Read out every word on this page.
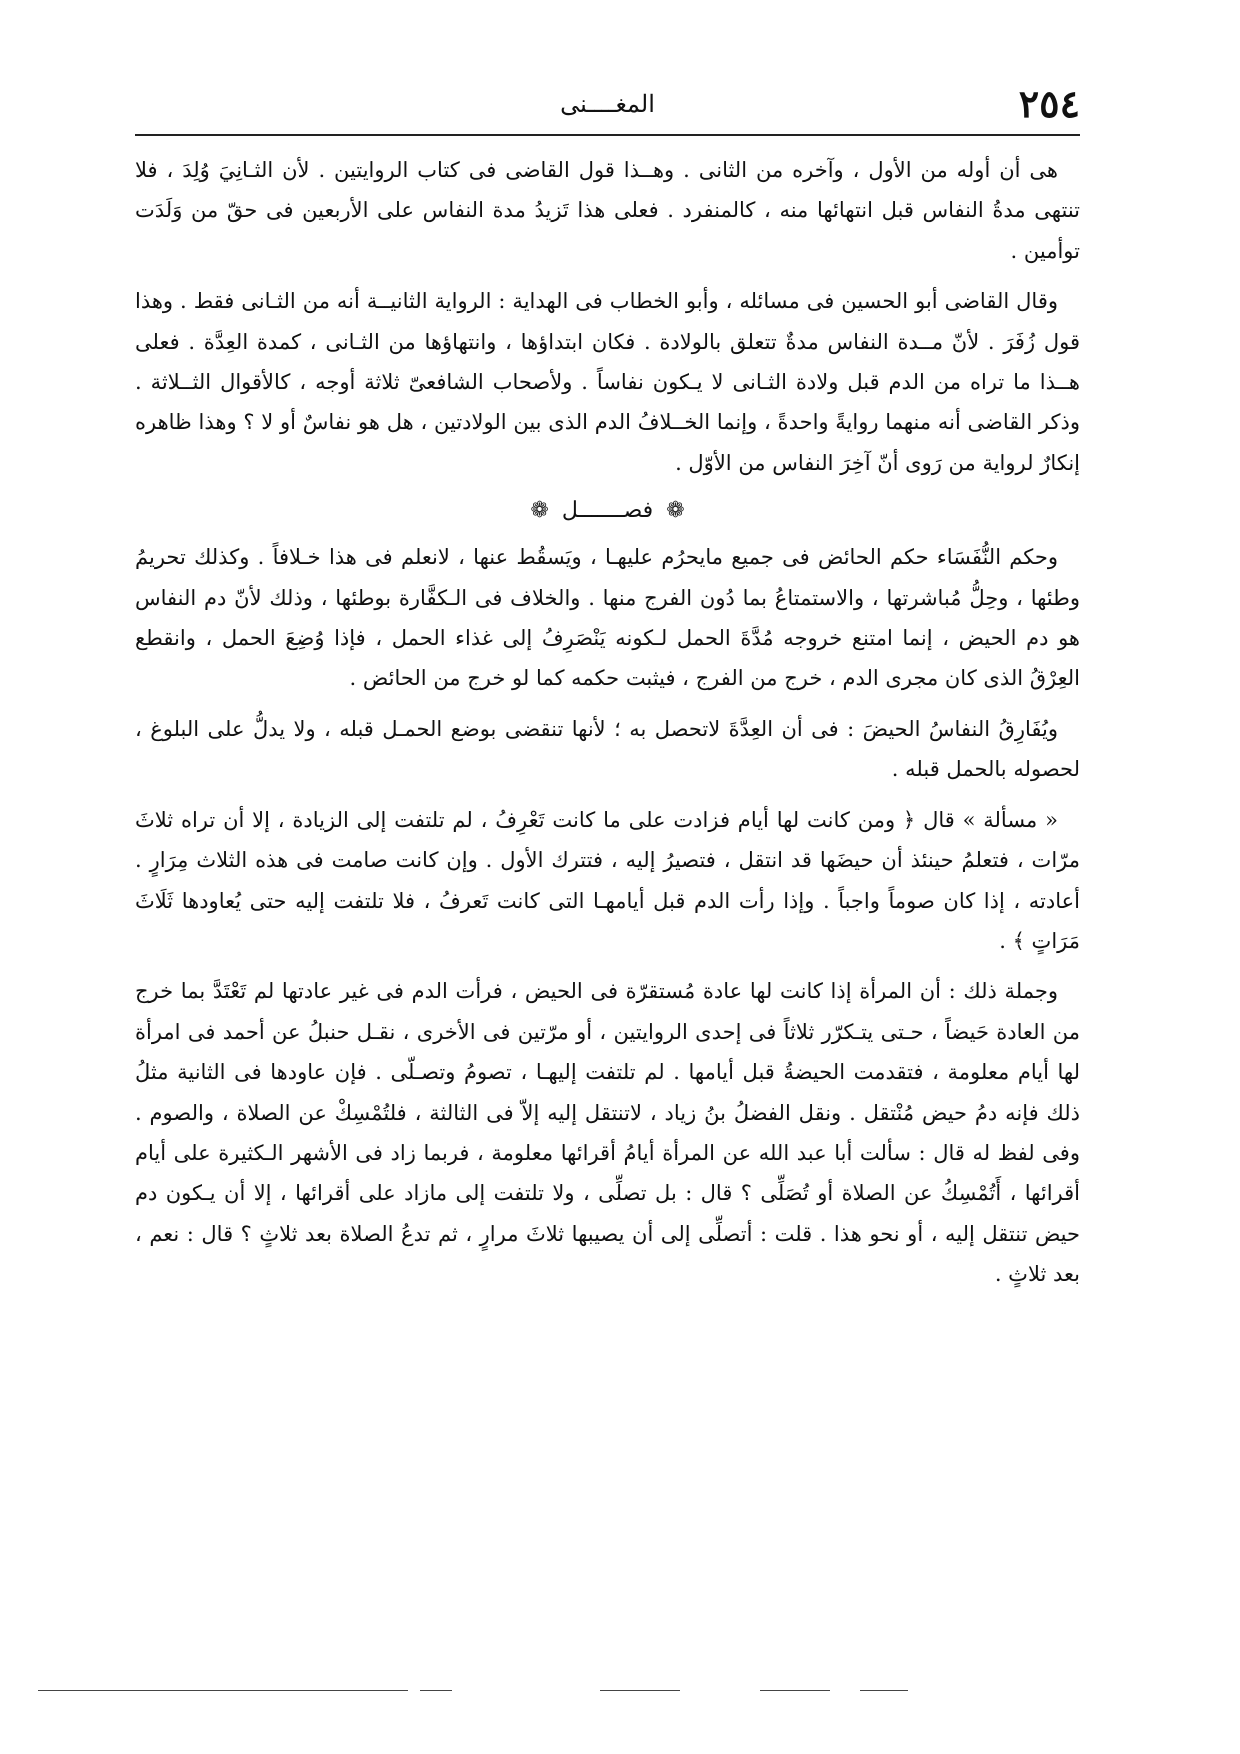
٢٥٤
المغــــنى

هى أن أوله من الأول ، وآخره من الثانى . وهــذا قول القاضى فى كتاب الروايتين . لأن الثـانِيَ وُلِدَ ، فلا تنتهى مدةُ النفاس قبل انتهائها منه ، كالمنفرد . فعلى هذا تَزيدُ مدة النفاس على الأربعين فى حقّ من وَلَدَت توأمين .

وقال القاضى أبو الحسين فى مسائله ، وأبو الخطاب فى الهداية : الرواية الثانيــة أنه من الثـانى فقط . وهذا قول زُفَرَ . لأنّ مــدة النفاس مدةٌ تتعلق بالولادة . فكان ابتداؤها ، وانتهاؤها من الثـانى ، كمدة العِدَّة . فعلى هــذا ما تراه من الدم قبل ولادة الثـانى لا يـكون نفاساً . ولأصحاب الشافعىّ ثلاثة أوجه ، كالأقوال الثــلاثة . وذكر القاضى أنه منهما روايةً واحدةً ، وإنما الخــلافُ الدم الذى بين الولادتين ، هل هو نفاسٌ أو لا ؟ وهذا ظاهره إنكارٌ لرواية من رَوى أنّ آخِرَ النفاس من الأوّل .

❁ فصـــــــل ❁

وحكم النُّفَسَاء حكم الحائض فى جميع مايحرُم عليهـا ، ويَسقُط عنها ، لانعلم فى هذا خـلافاً . وكذلك تحريمُ وطئها ، وحِلُّ مُباشرتها ، والاستمتاعُ بما دُون الفرج منها . والخلاف فى الـكفَّارة بوطئها ، وذلك لأنّ دم النفاس هو دم الحيض ، إنما امتنع خروجه مُدَّةَ الحمل لـكونه يَنْصَرِفُ إلى غذاء الحمل ، فإذا وُضِعَ الحمل ، وانقطع العِرْقُ الذى كان مجرى الدم ، خرج من الفرج ، فيثبت حكمه كما لو خرج من الحائض .

ويُفَارِقُ النفاسُ الحيضَ : فى أن العِدَّةَ لاتحصل به ؛ لأنها تنقضى بوضع الحمـل قبله ، ولا يدلُّ على البلوغ ، لحصوله بالحمل قبله .

« مسألة » قال ﴿ ومن كانت لها أيام فزادت على ما كانت تَعْرِفُ ، لم تلتفت إلى الزيادة ، إلا أن تراه ثلاثَ مرّات ، فتعلمُ حينئذ أن حيضَها قد انتقل ، فتصيرُ إليه ، فتترك الأول . وإن كانت صامت فى هذه الثلاث مِرَارٍ . أعادته ، إذا كان صوماً واجباً . وإذا رأت الدم قبل أيامهـا التى كانت تَعرفُ ، فلا تلتفت إليه حتى يُعاودها ثَلَاثَ مَرَاتٍ ﴾ .

وجملة ذلك : أن المرأة إذا كانت لها عادة مُستقرّة فى الحيض ، فرأت الدم فى غير عادتها لم تَعْتَدَّ بما خرج من العادة حَيضاً ، حـتى يتـكرّر ثلاثاً فى إحدى الروايتين ، أو مرّتين فى الأخرى ، نقـل حنبلُ عن أحمد فى امرأة لها أيام معلومة ، فتقدمت الحيضةُ قبل أيامها . لم تلتفت إليهـا ، تصومُ وتصـلّى . فإن عاودها فى الثانية مثلُ ذلك فإنه دمُ حيض مُنْتقل . ونقل الفضلُ بنُ زياد ، لاتنتقل إليه إلاّ فى الثالثة ، فلتُمْسِكْ عن الصلاة ، والصوم . وفى لفظ له قال : سألت أبا عبد الله عن المرأة أيامُ أقرائها معلومة ، فربما زاد فى الأشهر الـكثيرة على أيام أقرائها ، أَتُمْسِكُ عن الصلاة أو تُصَلِّى ؟ قال : بل تصلِّى ، ولا تلتفت إلى مازاد على أقرائها ، إلا أن يـكون دم حيض تنتقل إليه ، أو نحو هذا . قلت : أتصلِّى إلى أن يصيبها ثلاثَ مرارٍ ، ثم تدعُ الصلاة بعد ثلاثٍ ؟ قال : نعم ، بعد ثلاثٍ .
